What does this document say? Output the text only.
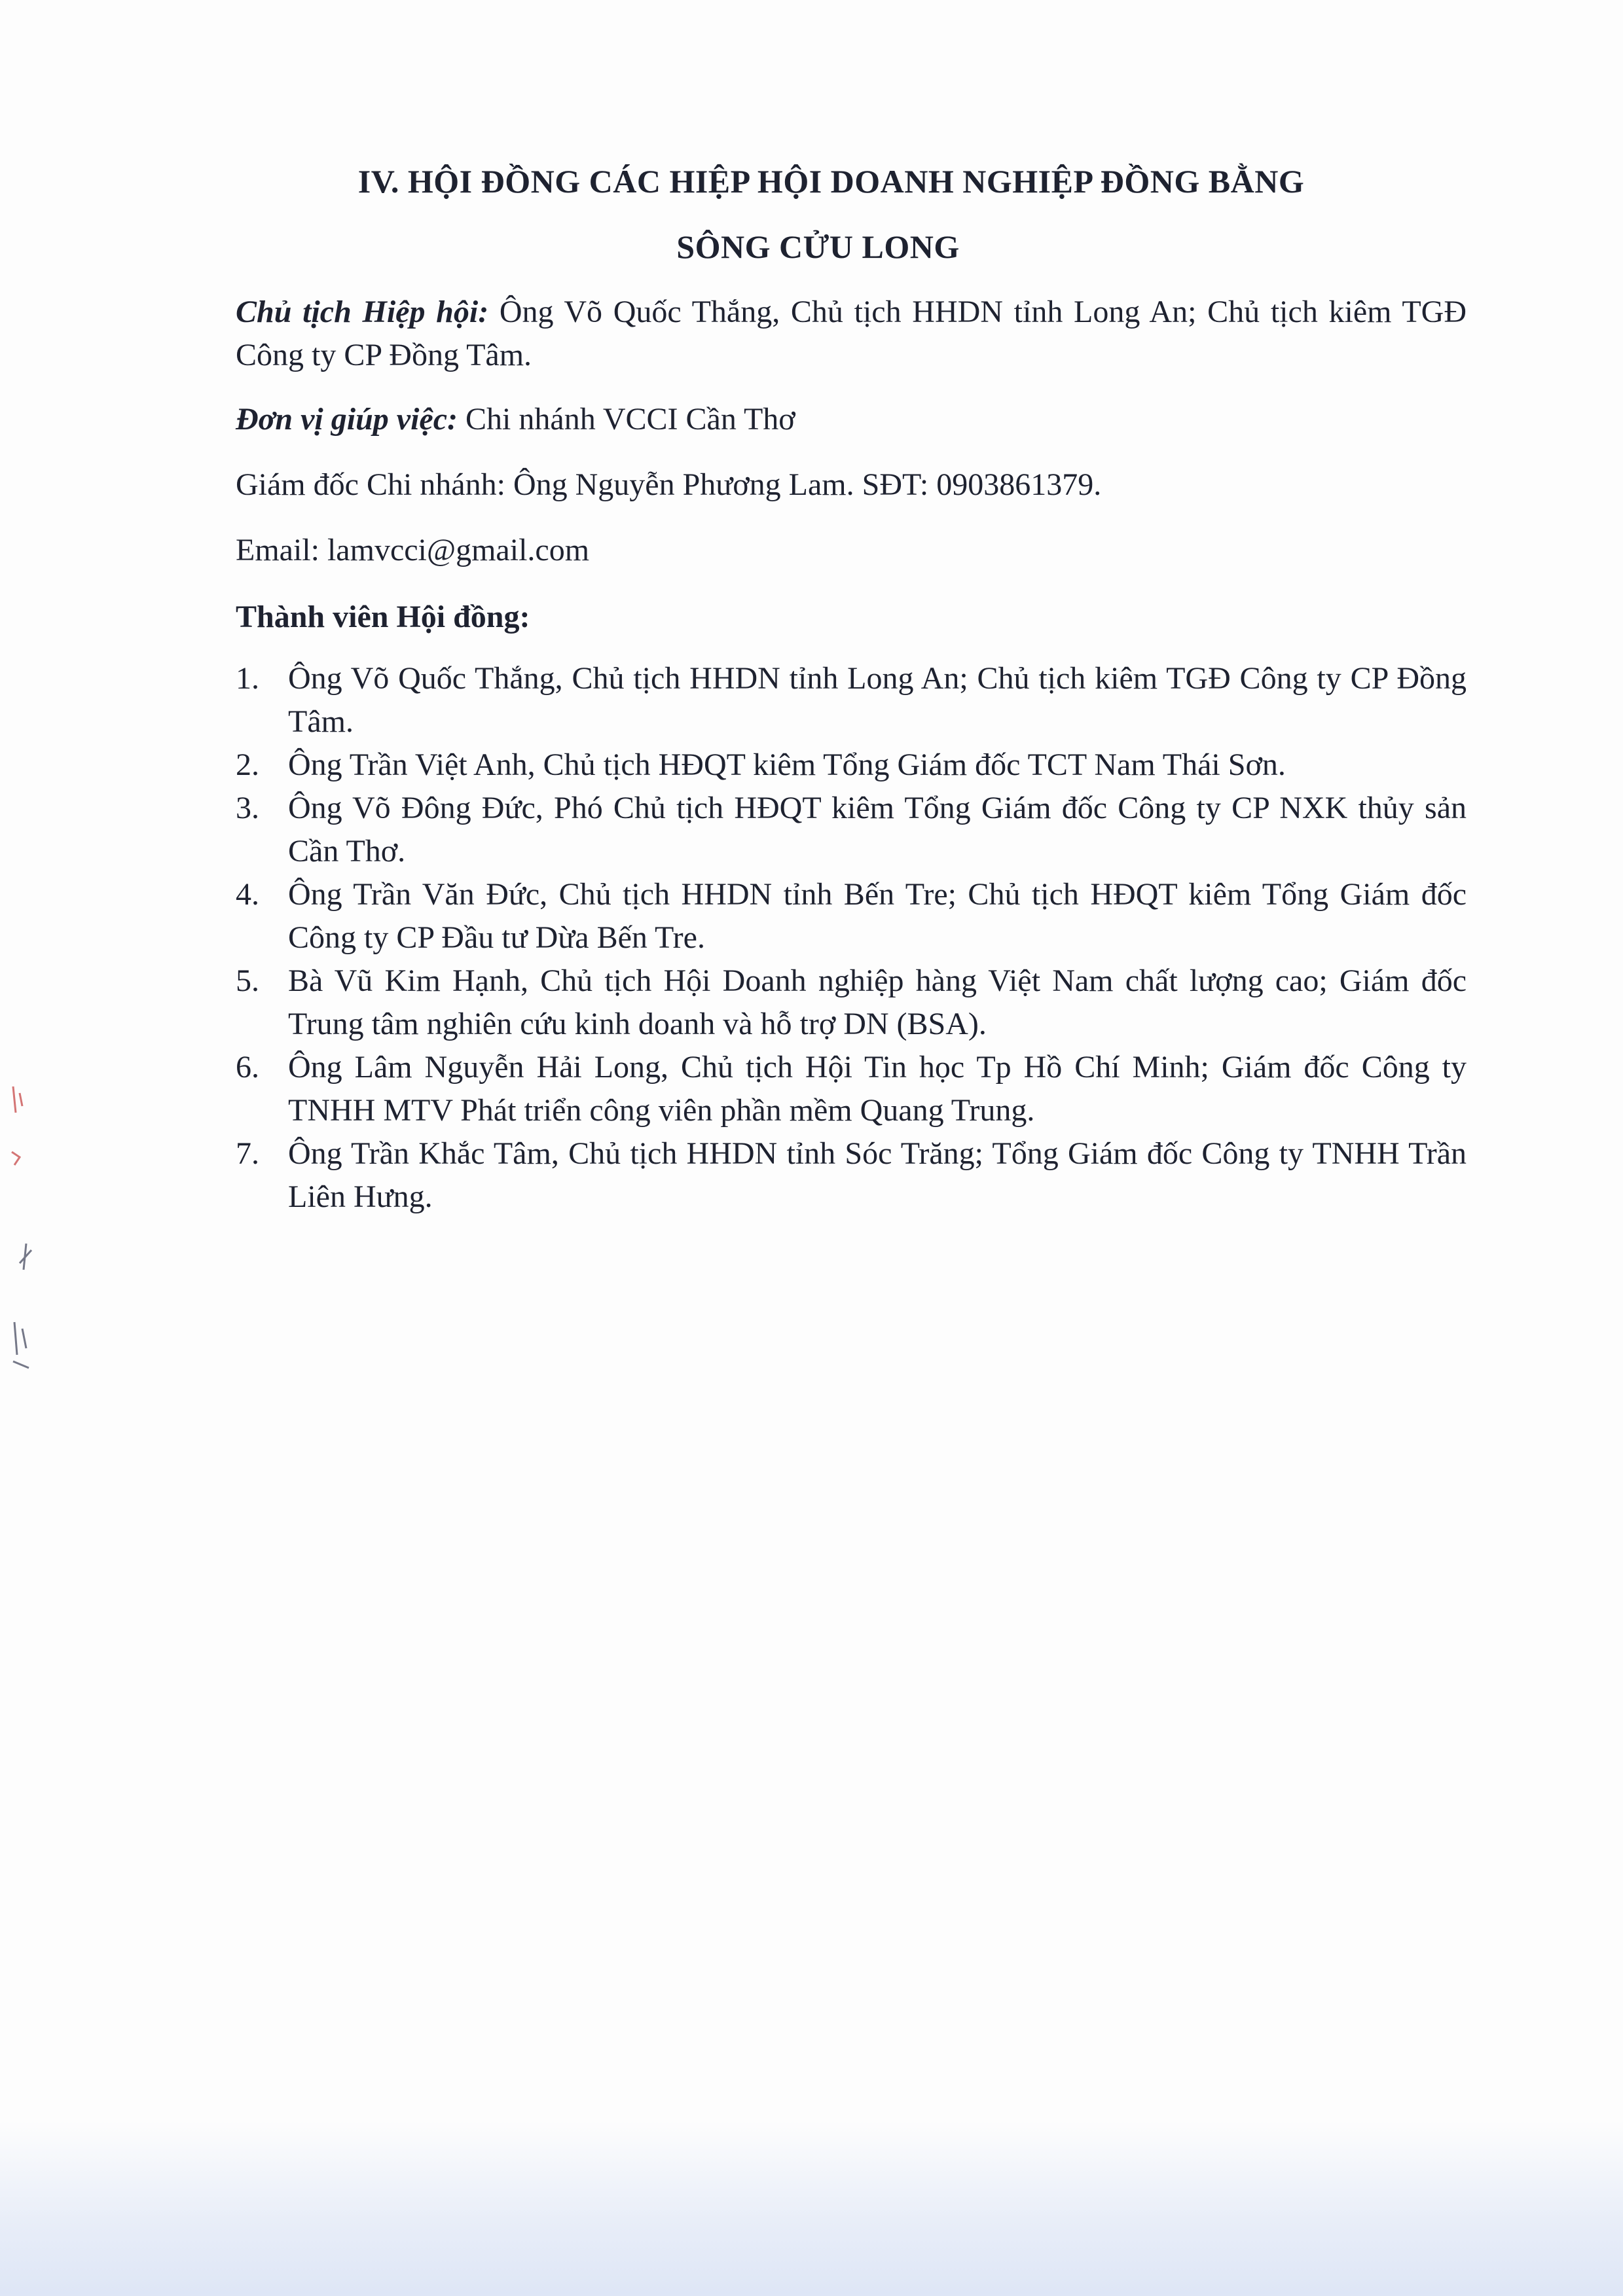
IV. HỘI ĐỒNG CÁC HIỆP HỘI DOANH NGHIỆP ĐỒNG BẰNG
SÔNG CỬU LONG

Chủ tịch Hiệp hội: Ông Võ Quốc Thắng, Chủ tịch HHDN tỉnh Long An; Chủ tịch kiêm TGĐ Công ty CP Đồng Tâm.

Đơn vị giúp việc: Chi nhánh VCCI Cần Thơ

Giám đốc Chi nhánh: Ông Nguyễn Phương Lam. SĐT: 0903861379.

Email: lamvcci@gmail.com

Thành viên Hội đồng:

1. Ông Võ Quốc Thắng, Chủ tịch HHDN tỉnh Long An; Chủ tịch kiêm TGĐ Công ty CP Đồng Tâm.
2. Ông Trần Việt Anh, Chủ tịch HĐQT kiêm Tổng Giám đốc TCT Nam Thái Sơn.
3. Ông Võ Đông Đức, Phó Chủ tịch HĐQT kiêm Tổng Giám đốc Công ty CP NXK thủy sản Cần Thơ.
4. Ông Trần Văn Đức, Chủ tịch HHDN tỉnh Bến Tre; Chủ tịch HĐQT kiêm Tổng Giám đốc Công ty CP Đầu tư Dừa Bến Tre.
5. Bà Vũ Kim Hạnh, Chủ tịch Hội Doanh nghiệp hàng Việt Nam chất lượng cao; Giám đốc Trung tâm nghiên cứu kinh doanh và hỗ trợ DN (BSA).
6. Ông Lâm Nguyễn Hải Long, Chủ tịch Hội Tin học Tp Hồ Chí Minh; Giám đốc Công ty TNHH MTV Phát triển công viên phần mềm Quang Trung.
7. Ông Trần Khắc Tâm, Chủ tịch HHDN tỉnh Sóc Trăng; Tổng Giám đốc Công ty TNHH Trần Liên Hưng.
